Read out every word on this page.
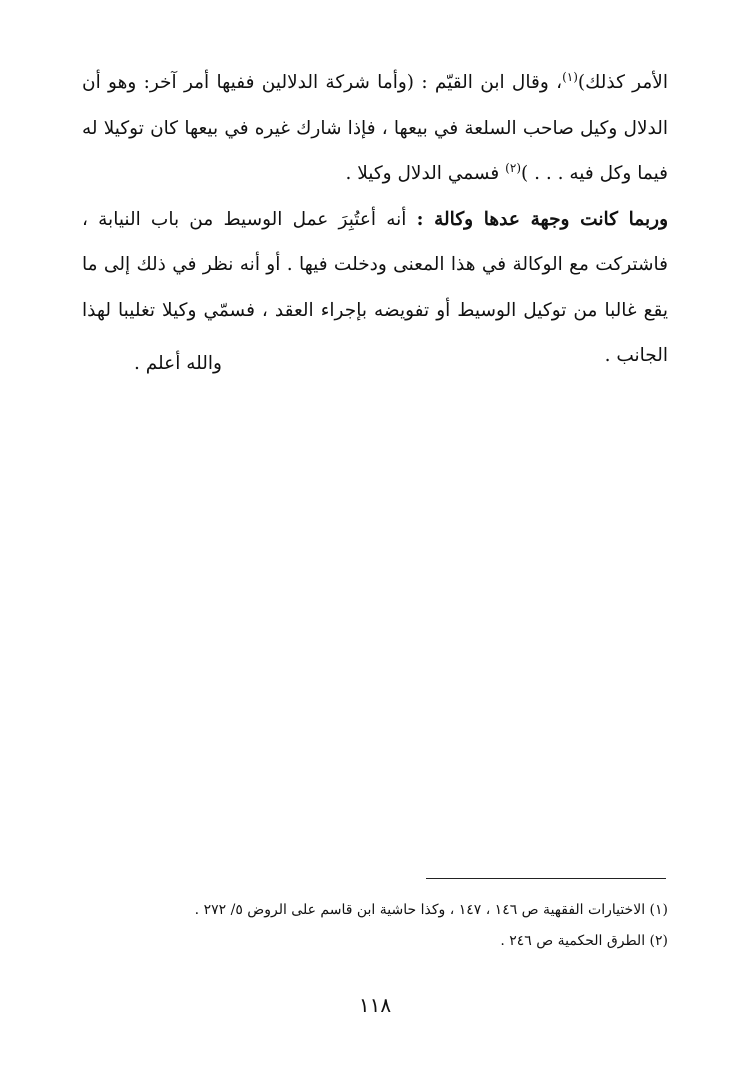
الأمر كذلك)$^{(١)}$، وقال ابن القيّم : (وأما شركة الدلالين ففيها أمر آخر: وهو أن الدلال وكيل صاحب السلعة في بيعها ، فإذا شارك غيره في بيعها كان توكيلا له فيما وكل فيه . . . )$^{(٢)}$ فسمي الدلال وكيلا .

وربما كانت وجهة عدها وكالة : أنه أعتُبِرَ عمل الوسيط من باب النيابة ، فاشتركت مع الوكالة في هذا المعنى ودخلت فيها . أو أنه نظر في ذلك إلى ما يقع غالبا من توكيل الوسيط أو تفويضه بإجراء العقد ، فسمّي وكيلا تغليبا لهذا الجانب .

والله أعلم .
(١) الاختيارات الفقهية ص ١٤٦ ، ١٤٧ ، وكذا حاشية ابن قاسم على الروض ٥/ ٢٧٢ .
(٢) الطرق الحكمية ص ٢٤٦ .
١١٨
